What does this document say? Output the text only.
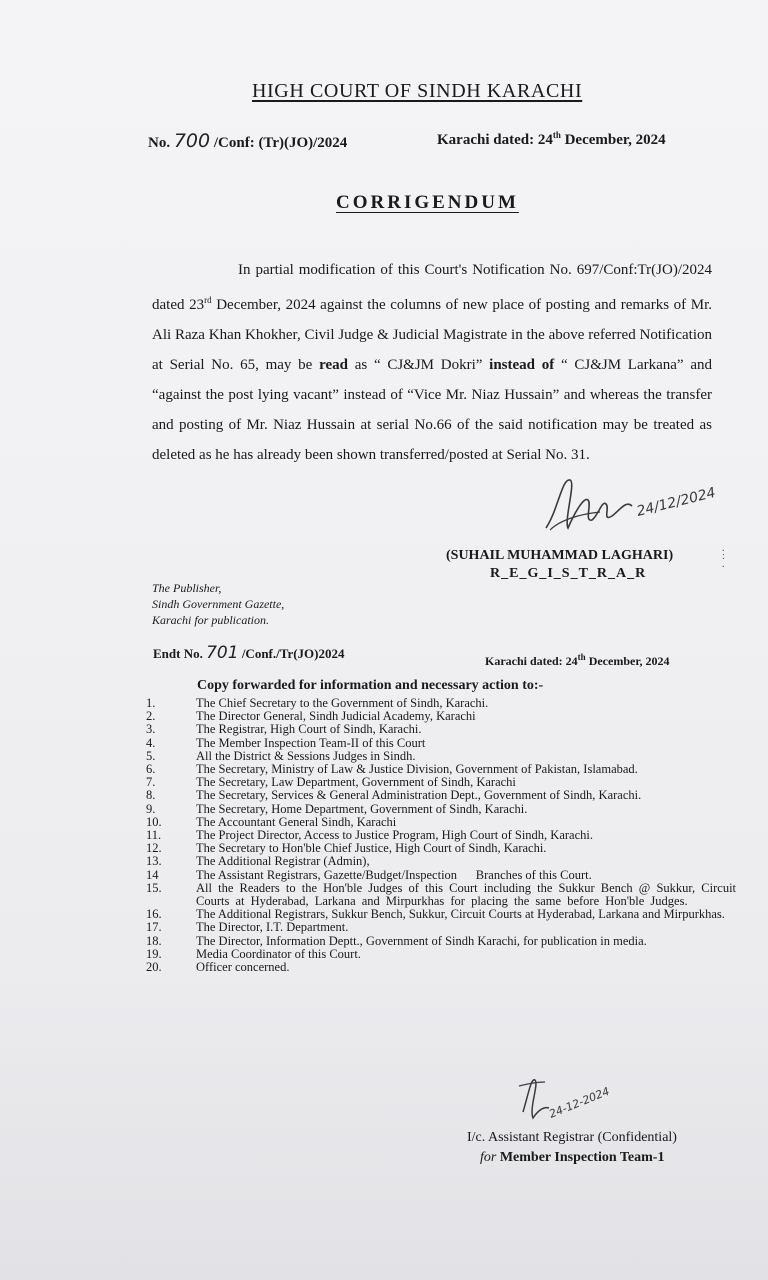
HIGH COURT OF SINDH KARACHI
No. 700 /Conf: (Tr)(JO)/2024	Karachi dated: 24th December, 2024
CORRIGENDUM
In partial modification of this Court's Notification No. 697/Conf:Tr(JO)/2024 dated 23rd December, 2024 against the columns of new place of posting and remarks of Mr. Ali Raza Khan Khokher, Civil Judge & Judicial Magistrate in the above referred Notification at Serial No. 65, may be read as “ CJ&JM Dokri” instead of “ CJ&JM Larkana” and “against the post lying vacant” instead of “Vice Mr. Niaz Hussain” and whereas the transfer and posting of Mr. Niaz Hussain at serial No.66 of the said notification may be treated as deleted as he has already been shown transferred/posted at Serial No. 31.
24/12/2024
(SUHAIL MUHAMMAD LAGHARI)
R_E_G_I_S_T_R_A_R
.
:
.
The Publisher,
Sindh Government Gazette,
Karachi for publication.
Endt No. 701 /Conf./Tr(JO)2024	Karachi dated: 24th December, 2024
Copy forwarded for information and necessary action to:-
1.	The Chief Secretary to the Government of Sindh, Karachi.
2.	The Director General, Sindh Judicial Academy, Karachi
3.	The Registrar, High Court of Sindh, Karachi.
4.	The Member Inspection Team-II of this Court
5.	All the District & Sessions Judges in Sindh.
6.	The Secretary, Ministry of Law & Justice Division, Government of Pakistan, Islamabad.
7.	The Secretary, Law Department, Government of Sindh, Karachi
8.	The Secretary, Services & General Administration Dept., Government of Sindh, Karachi.
9.	The Secretary, Home Department, Government of Sindh, Karachi.
10.	The Accountant General Sindh, Karachi
11.	The Project Director, Access to Justice Program, High Court of Sindh, Karachi.
12.	The Secretary to Hon'ble Chief Justice, High Court of Sindh, Karachi.
13.	The Additional Registrar (Admin),
14	The Assistant Registrars, Gazette/Budget/Inspection      Branches of this Court.
15.	All the Readers to the Hon'ble Judges of this Court including the Sukkur Bench @ Sukkur, Circuit Courts at Hyderabad, Larkana and Mirpurkhas for placing the same before Hon'ble Judges.
16.	The Additional Registrars, Sukkur Bench, Sukkur, Circuit Courts at Hyderabad, Larkana and Mirpurkhas.
17.	The Director, I.T. Department.
18.	The Director, Information Deptt., Government of Sindh Karachi, for publication in media.
19.	Media Coordinator of this Court.
20.	Officer concerned.
24-12-2024
I/c. Assistant Registrar (Confidential)
for Member Inspection Team-1
